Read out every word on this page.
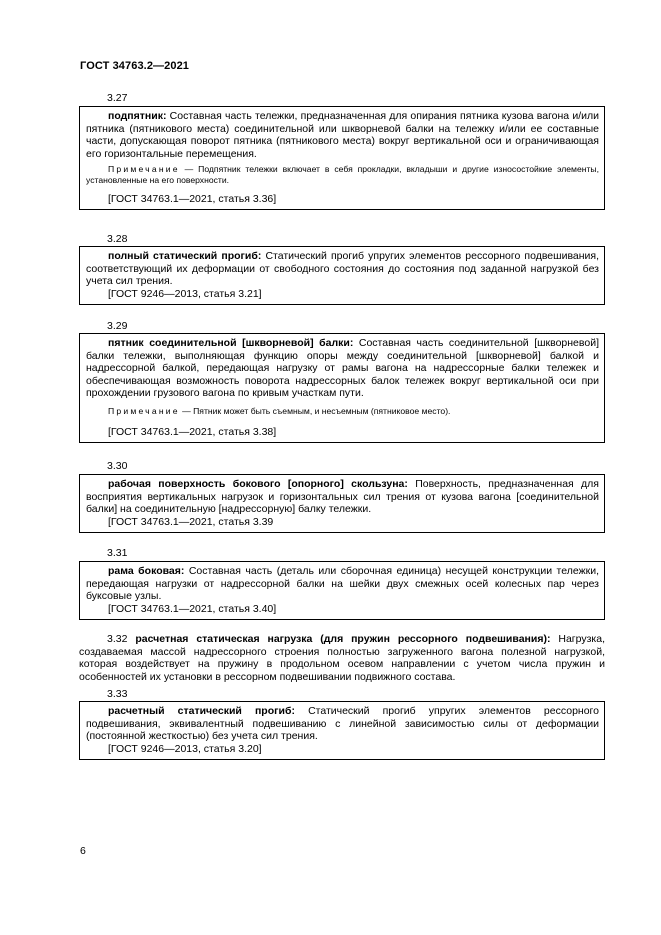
ГОСТ 34763.2—2021
3.27

подпятник: Составная часть тележки, предназначенная для опирания пятника кузова вагона и/или пятника (пятникового места) соединительной или шкворневой балки на тележку и/или ее составные части, допускающая поворот пятника (пятникового места) вокруг вертикальной оси и ограничивающая его горизонтальные перемещения.

Примечание — Подпятник тележки включает в себя прокладки, вкладыши и другие износостойкие элементы, установленные на его поверхности.

[ГОСТ 34763.1—2021, статья 3.36]

3.28

полный статический прогиб: Статический прогиб упругих элементов рессорного подвешивания, соответствующий их деформации от свободного состояния до состояния под заданной нагрузкой без учета сил трения.

[ГОСТ 9246—2013, статья 3.21]

3.29

пятник соединительной [шкворневой] балки: Составная часть соединительной [шкворневой] балки тележки, выполняющая функцию опоры между соединительной [шкворневой] балкой и надрессорной балкой, передающая нагрузку от рамы вагона на надрессорные балки тележек и обеспечивающая возможность поворота надрессорных балок тележек вокруг вертикальной оси при прохождении грузового вагона по кривым участкам пути.

Примечание — Пятник может быть съемным, и несъемным (пятниковое место).

[ГОСТ 34763.1—2021, статья 3.38]

3.30

рабочая поверхность бокового [опорного] скользуна: Поверхность, предназначенная для восприятия вертикальных нагрузок и горизонтальных сил трения от кузова вагона [соединительной балки] на соединительную [надрессорную] балку тележки.

[ГОСТ 34763.1—2021, статья 3.39

3.31

рама боковая: Составная часть (деталь или сборочная единица) несущей конструкции тележки, передающая нагрузки от надрессорной балки на шейки двух смежных осей колесных пар через буксовые узлы.

[ГОСТ 34763.1—2021, статья 3.40]

3.32 расчетная статическая нагрузка (для пружин рессорного подвешивания): Нагрузка, создаваемая массой надрессорного строения полностью загруженного вагона полезной нагрузкой, которая воздействует на пружину в продольном осевом направлении с учетом числа пружин и особенностей их установки в рессорном подвешивании подвижного состава.

3.33

расчетный статический прогиб: Статический прогиб упругих элементов рессорного подвешивания, эквивалентный подвешиванию с линейной зависимостью силы от деформации (постоянной жесткостью) без учета сил трения.

[ГОСТ 9246—2013, статья 3.20]

6
